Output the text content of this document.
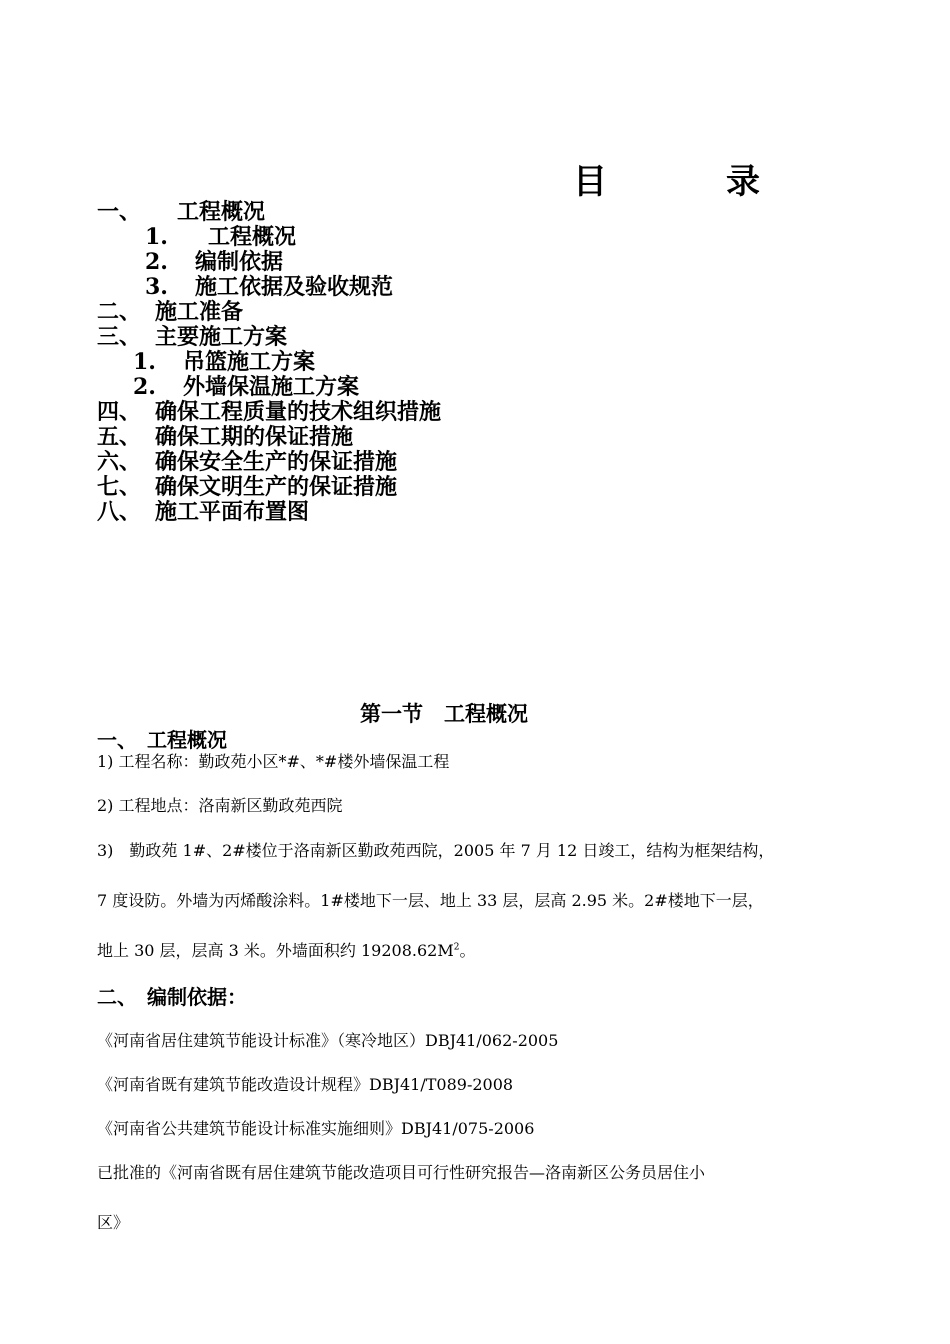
目	录
一、 工程概况
1. 工程概况
2. 编制依据
3. 施工依据及验收规范
二、 施工准备
三、 主要施工方案
1. 吊篮施工方案
2. 外墙保温施工方案
四、 确保工程质量的技术组织措施
五、 确保工期的保证措施
六、 确保安全生产的保证措施
七、 确保文明生产的保证措施
八、 施工平面布置图
第一节　工程概况
一、　工程概况
1) 工程名称：勤政苑小区*#、*#楼外墙保温工程
2) 工程地点：洛南新区勤政苑西院
3)　勤政苑 1#、2#楼位于洛南新区勤政苑西院，2005 年 7 月 12 日竣工，结构为框架结构，
7 度设防。外墙为丙烯酸涂料。1#楼地下一层、地上 33 层，层高 2.95 米。2#楼地下一层，
地上 30 层，层高 3 米。外墙面积约 $19208.62M^2$。
二、　编制依据：
《河南省居住建筑节能设计标准》（寒冷地区）DBJ41/062-2005
《河南省既有建筑节能改造设计规程》DBJ41/T089-2008
《河南省公共建筑节能设计标准实施细则》DBJ41/075-2006
已批准的《河南省既有居住建筑节能改造项目可行性研究报告—洛南新区公务员居住小
区》
